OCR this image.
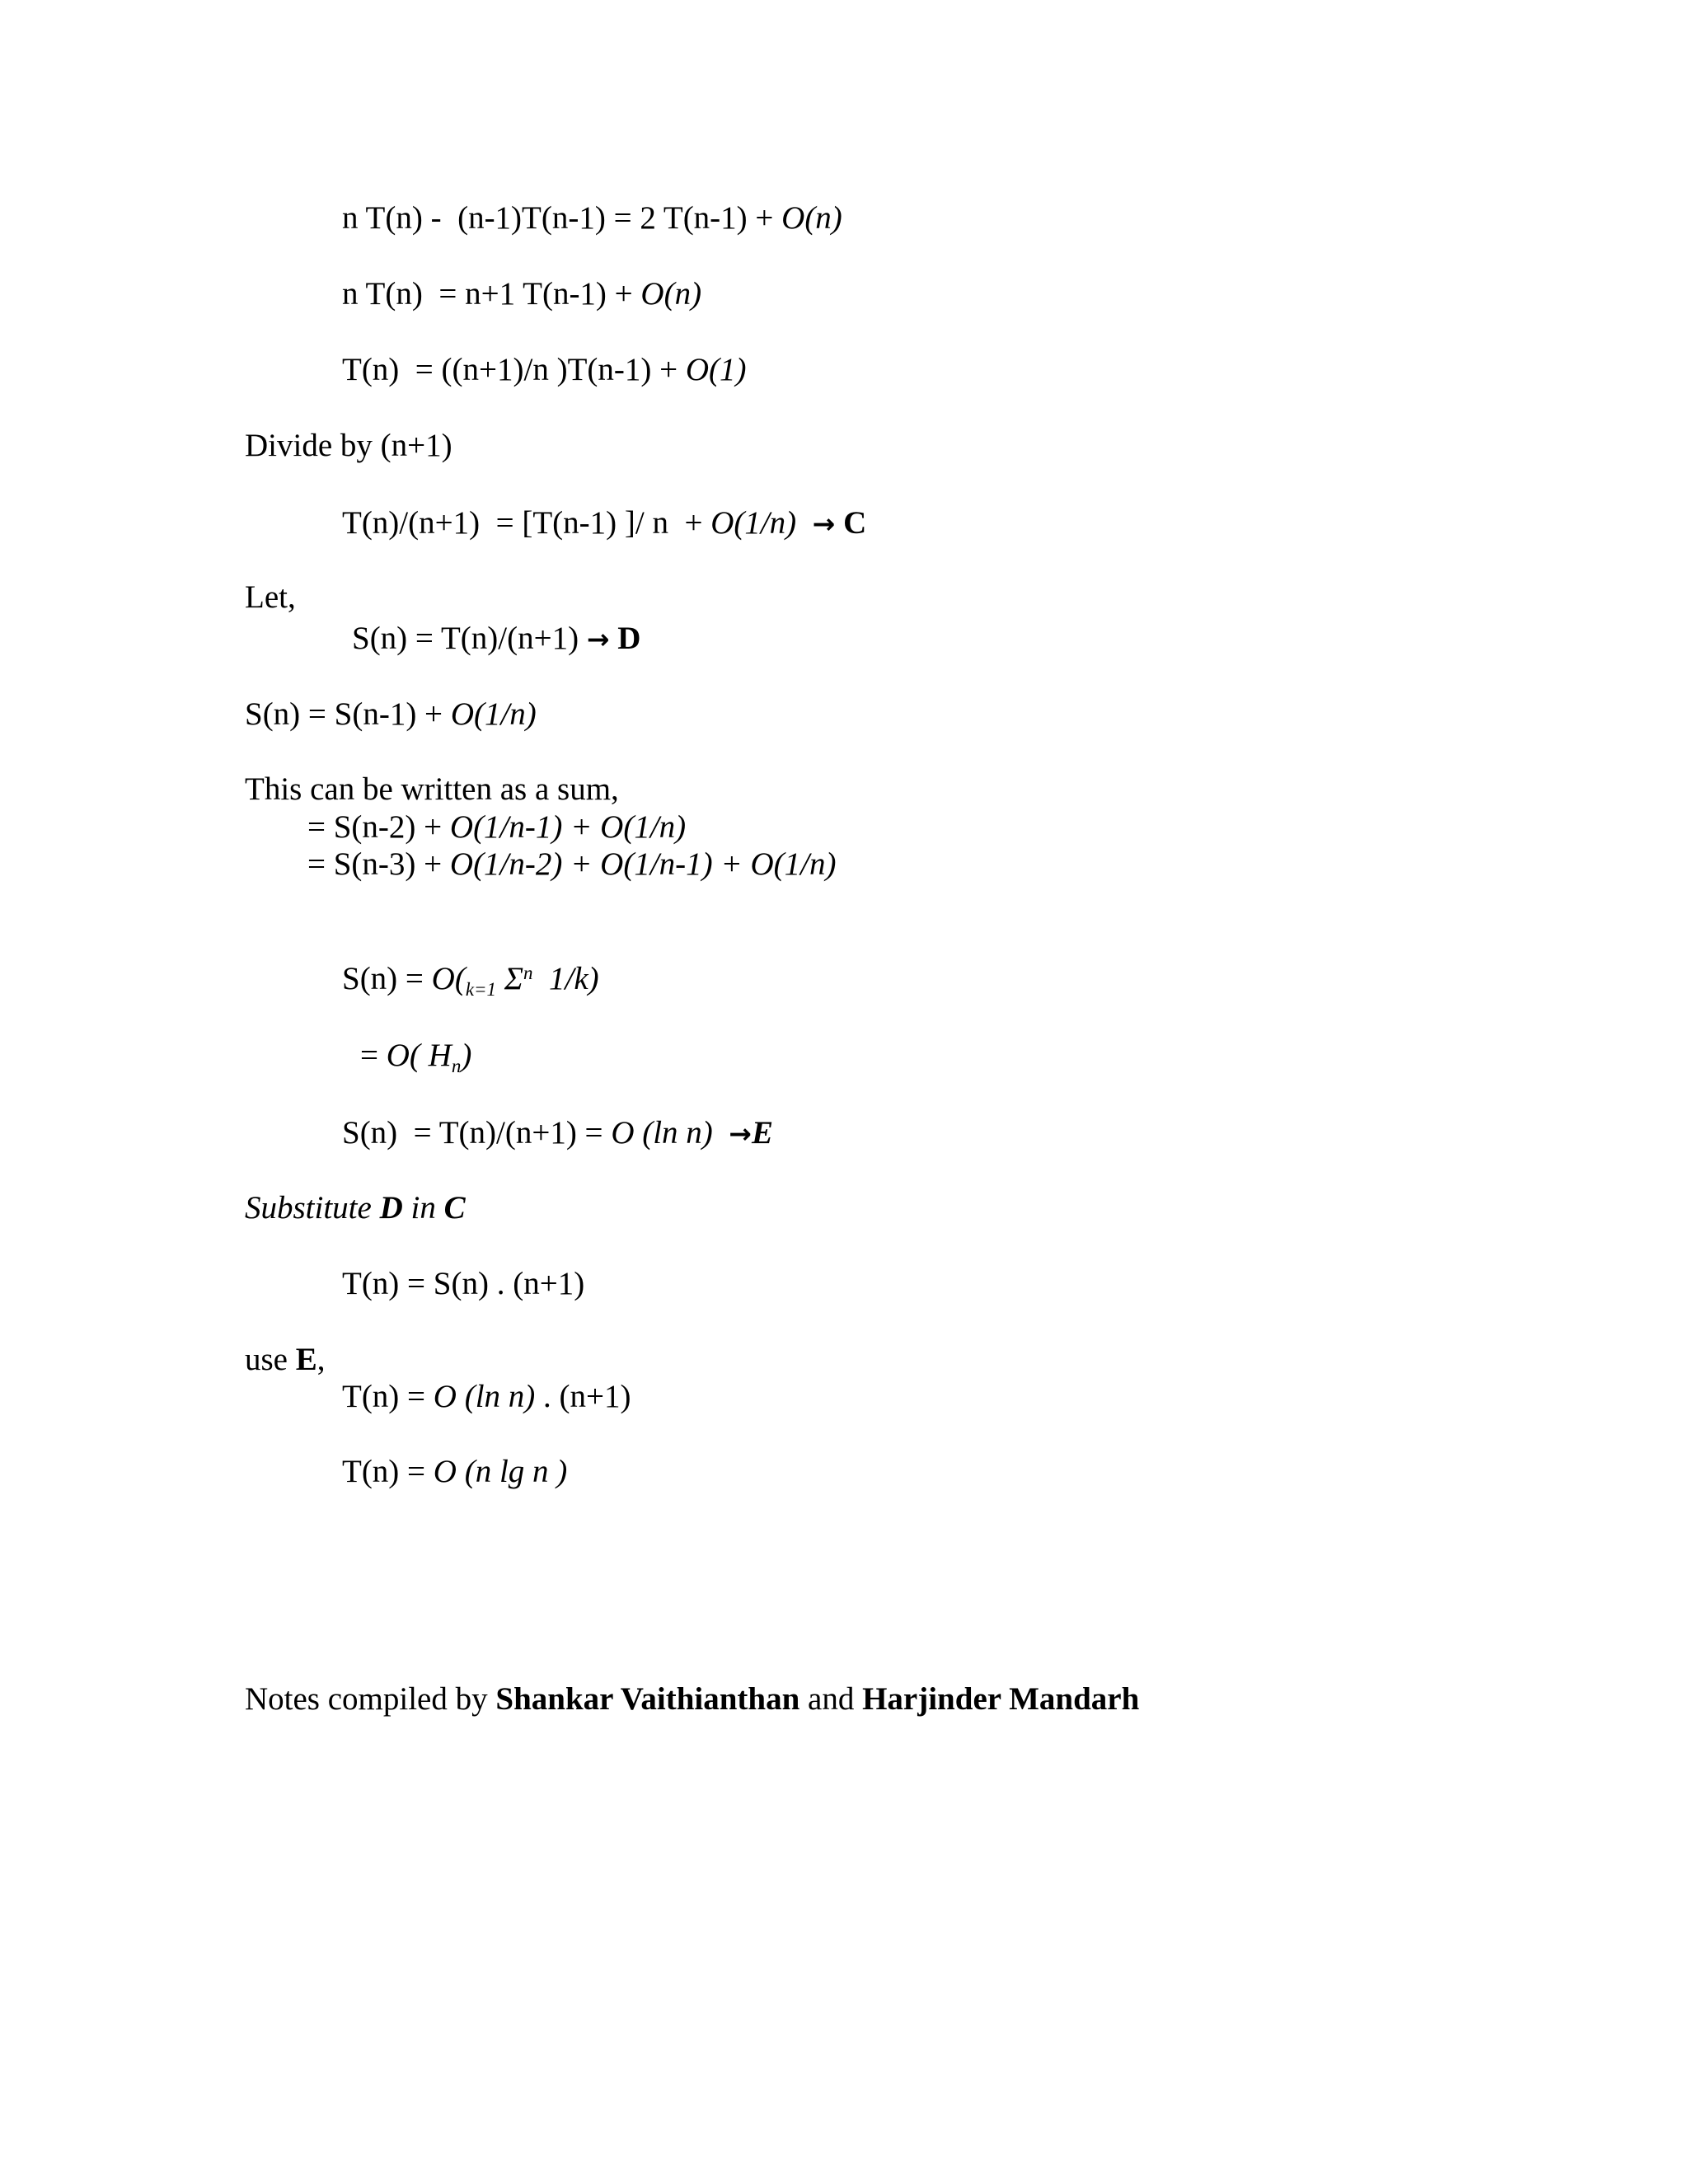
n T(n) -  (n-1)T(n-1) = 2 T(n-1) + O(n)
n T(n)  = n+1 T(n-1) + O(n)
T(n)  = ((n+1)/n )T(n-1) + O(1)
Divide by (n+1)
T(n)/(n+1)  = [T(n-1) ]/ n  + O(1/n) → C
Let,
S(n) = T(n)/(n+1) → D
S(n) = S(n-1) + O(1/n)
This can be written as a sum,
= S(n-2) + O(1/n-1) + O(1/n)
= S(n-3) + O(1/n-2) + O(1/n-1) + O(1/n)
$S(n) = O(_{k=1}$ $\Sigma^n$ 1/k)
= O( $H_n$)
S(n)  = T(n)/(n+1) = O (ln n) →E
Substitute D in C
T(n) = S(n) . (n+1)
use E,
T(n) = O (ln n) . (n+1)
T(n) = O (n lg n )
Notes compiled by Shankar Vaithianthan and Harjinder Mandarh
